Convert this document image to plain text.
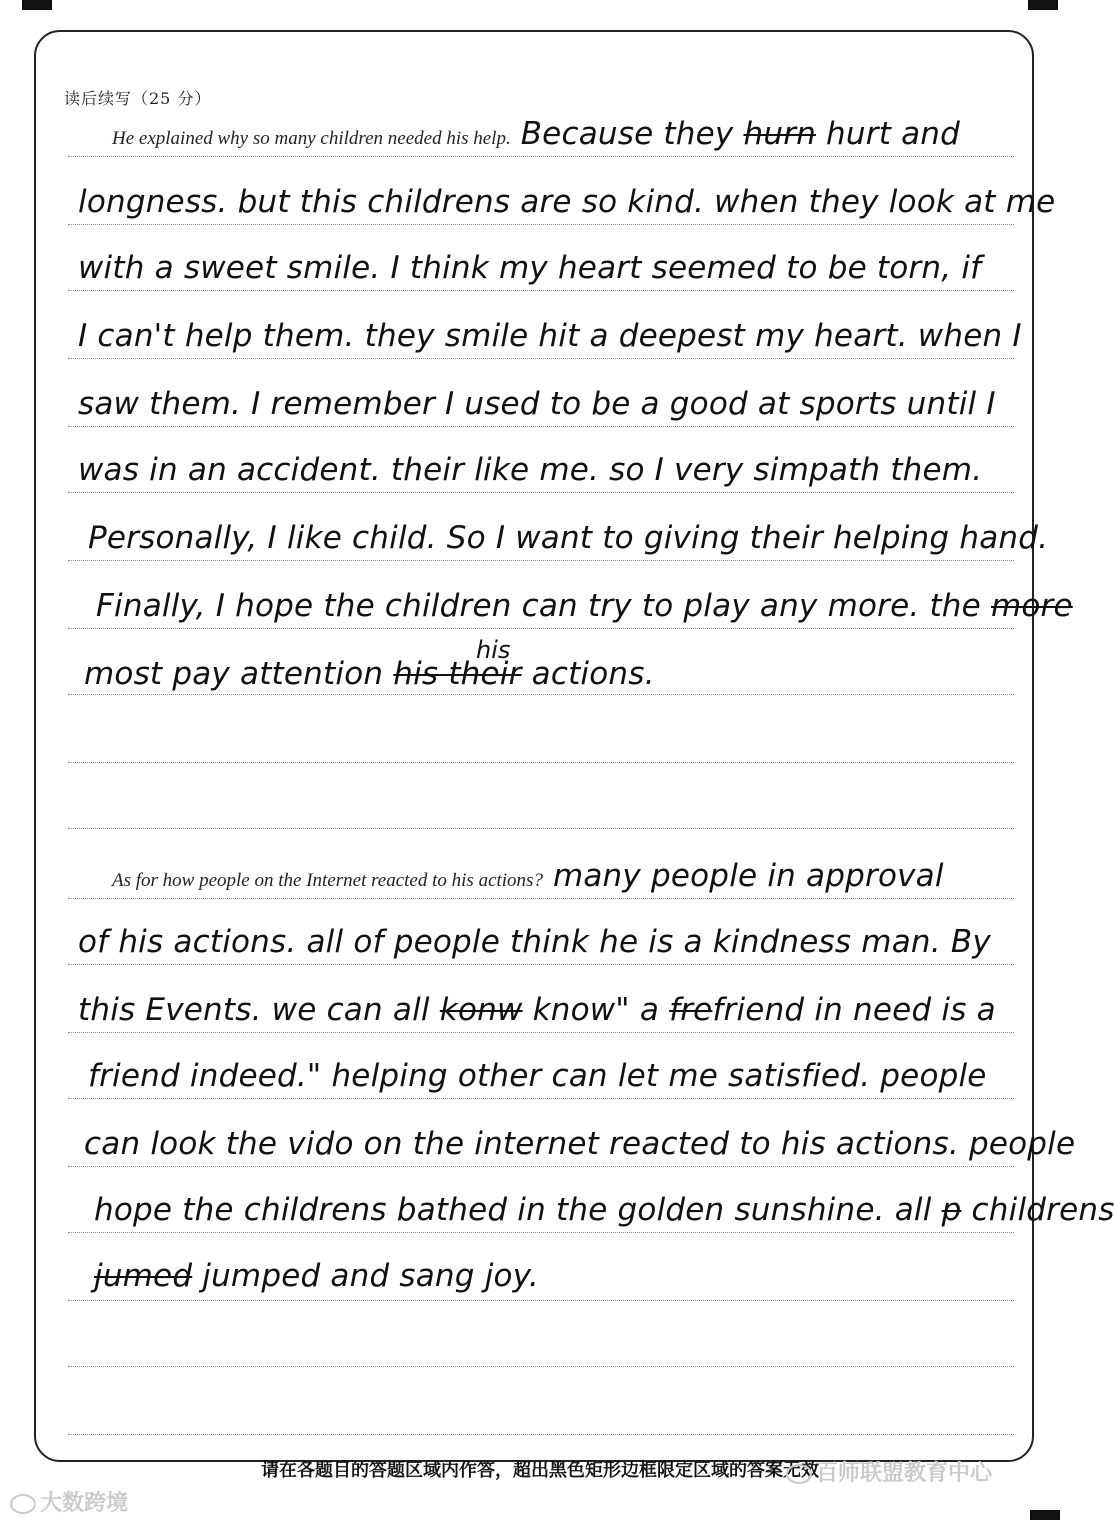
读后续写（25 分）
He explained why so many children needed his help. Because they hurn hurt and
longness. but this childrens are so kind. when they look at me
with a sweet smile. I think my heart seemed to be torn, if
I can't help them. they smile hit a deepest my heart. when I
saw them. I remember I used to be a good at sports until I
was in an accident. their like me. so I very simpath them.
Personally, I like child. So I want to giving their helping hand.
Finally, I hope the children can try to play any more. the more
his
most pay attention his their actions.
As for how people on the Internet reacted to his actions? many people in approval
of his actions. all of people think he is a kindness man. By
this Events. we can all konw know" a frefriend in need is a
friend indeed." helping other can let me satisfied. people
can look the vido on the internet reacted to his actions. people
hope the childrens bathed in the golden sunshine. all p childrens
jumed jumped and sang joy.
请在各题目的答题区域内作答，超出黑色矩形边框限定区域的答案无效
大数跨境
百师联盟教育中心
